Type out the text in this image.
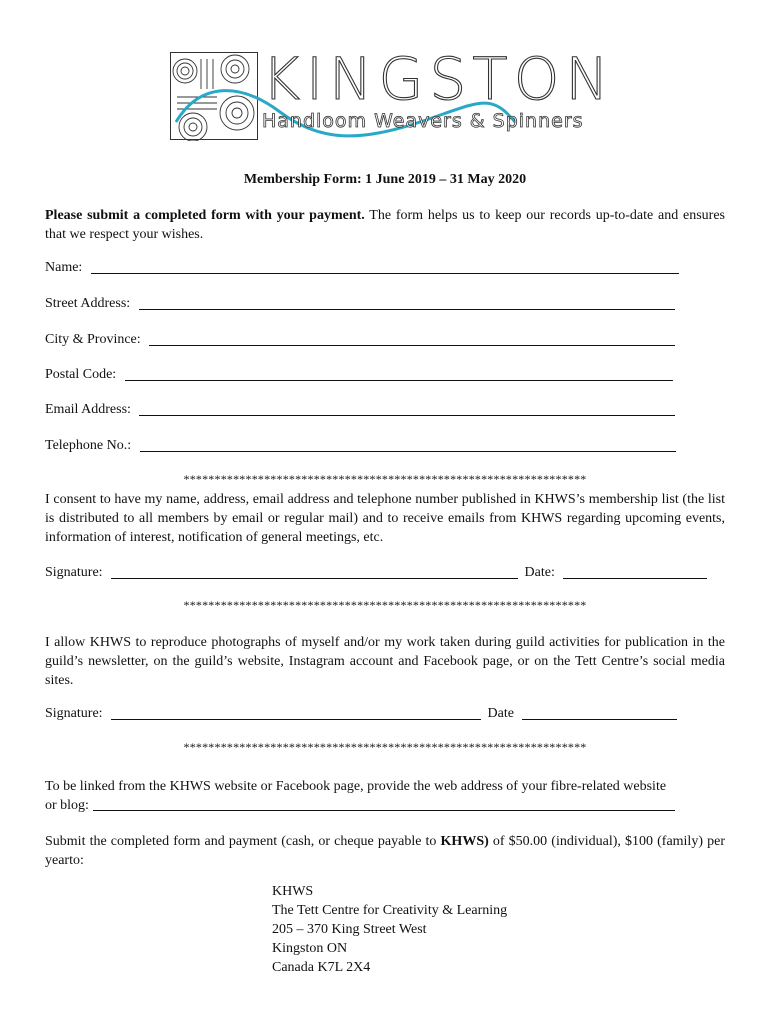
KINGSTON
Handloom Weavers & Spinners
Membership Form: 1 June 2019 – 31 May 2020
Please submit a completed form with your payment. The form helps us to keep our records up-to-date and ensures that we respect your wishes.
Name:
Street Address:
City & Province:
Postal Code:
Email Address:
Telephone No.:
*****************************************************************
I consent to have my name, address, email address and telephone number published in KHWS’s membership list (the list is distributed to all members by email or regular mail) and to receive emails from KHWS regarding upcoming events, information of interest, notification of general meetings, etc.
Signature:	Date:
*****************************************************************
I allow KHWS to reproduce photographs of myself and/or my work taken during guild activities for publication in the guild’s newsletter, on the guild’s website, Instagram account and Facebook page, or on the Tett Centre’s social media sites.
Signature:	Date
*****************************************************************
To be linked from the KHWS website or Facebook page, provide the web address of your fibre-related website
or blog:
Submit the completed form and payment (cash, or cheque payable to KHWS) of $50.00 (individual), $100 (family) per yearto:
KHWS
The Tett Centre for Creativity & Learning
205 – 370 King Street West
Kingston ON
Canada K7L 2X4
